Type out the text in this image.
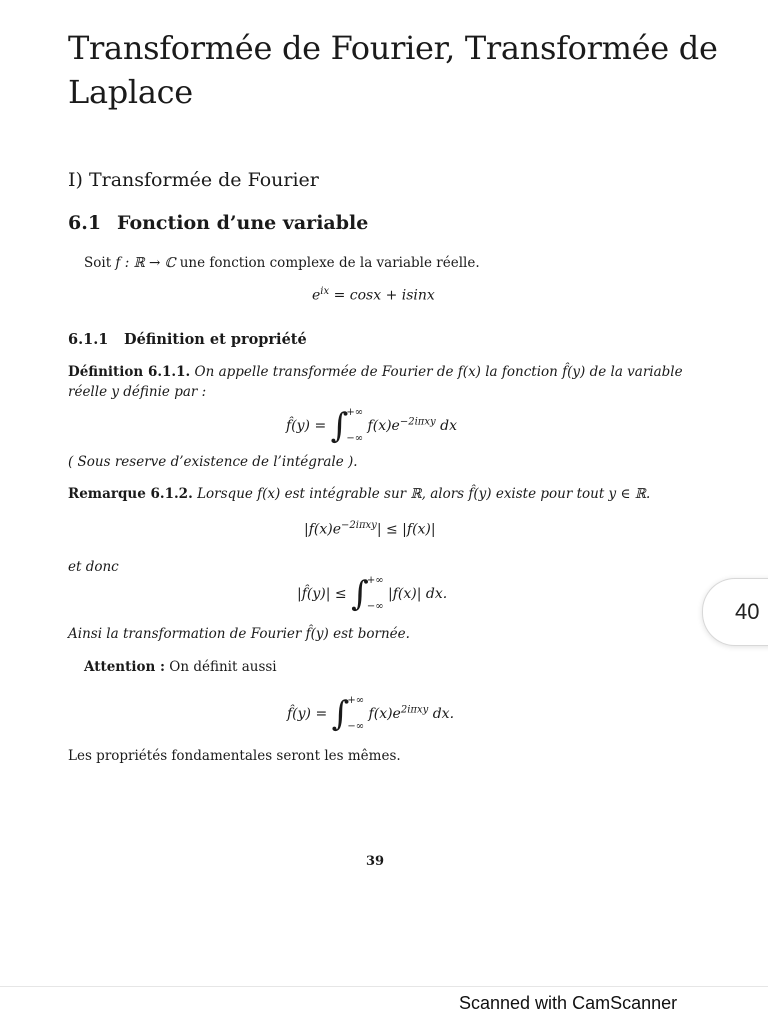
Transformée de Fourier, Transformée de Laplace
I) Transformée de Fourier
6.1 Fonction d’une variable
Soit f : ℝ → ℂ une fonction complexe de la variable réelle.
$e^{ix} = \cos x + isinx$
6.1.1 Définition et propriété
Définition 6.1.1. On appelle transformée de Fourier de f(x) la fonction f̂(y) de la variable
réelle y définie par :
f̂(y) = ∫+∞
−∞ $f(x)e^{-2i\pi xy}$ dx
( Sous reserve d’existence de l’intégrale ).
Remarque 6.1.2. Lorsque f(x) est intégrable sur ℝ, alors f̂(y) existe pour tout y ∈ ℝ.
$|f(x)e^{-2i\pi xy}| \le |f(x)|$
et donc
|f̂(y)| ≤ ∫+∞
−∞ |f(x)| dx.
Ainsi la transformation de Fourier f̂(y) est bornée.
Attention : On définit aussi
f̂(y) = ∫+∞
−∞ $f(x)e^{2i\pi xy}$ dx.
Les propriétés fondamentales seront les mêmes.
39
40
Scanned with CamScanner
